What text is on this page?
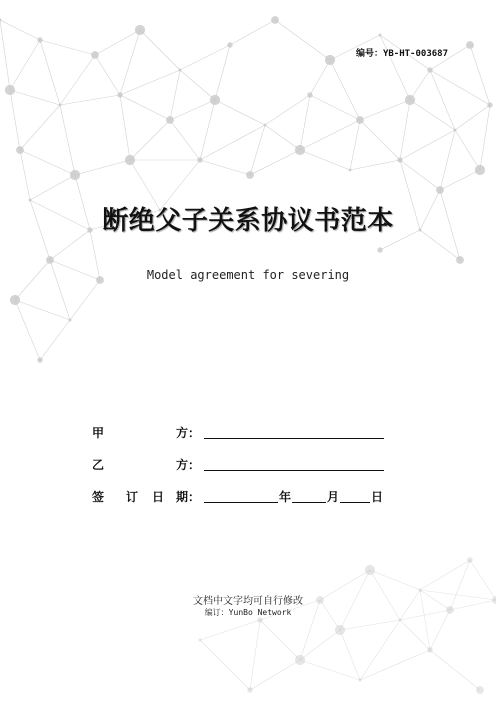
编号：YB-HT-003687
断绝父子关系协议书范本
Model agreement for severing
甲	方：
乙	方：
签 订 日 期：	年	月	日
文档中文字均可自行修改
编订：YunBo Network
